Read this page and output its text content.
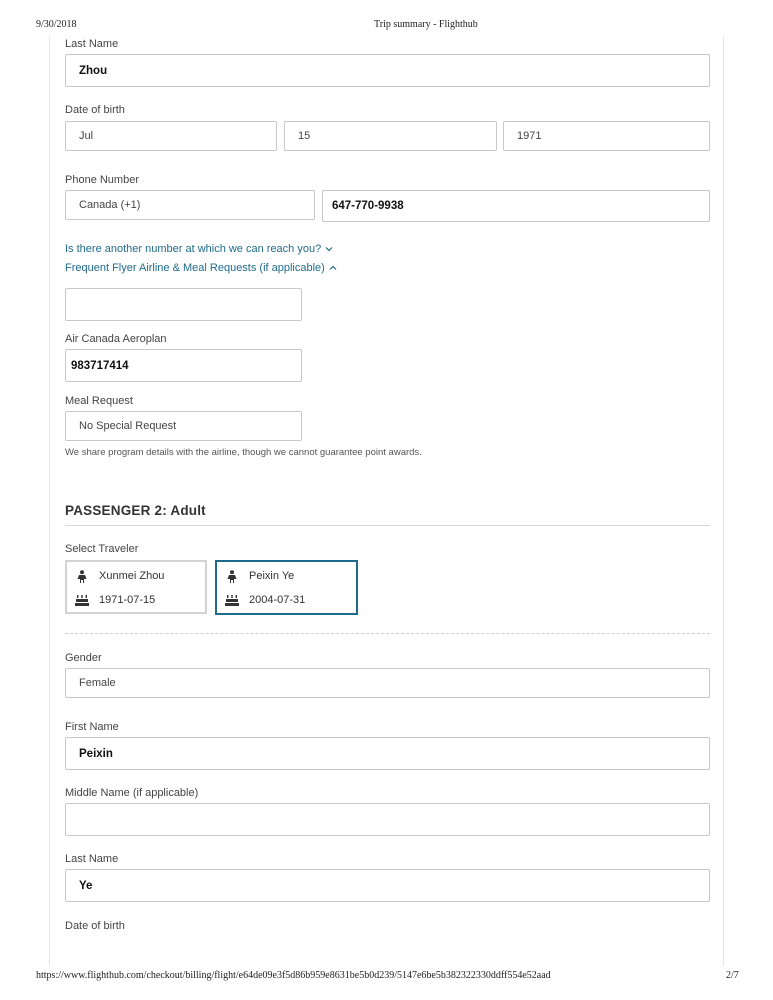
9/30/2018	Trip summary - Flighthub
Last Name
Zhou
Date of birth
Jul	15	1971
Phone Number
Canada (+1)	647-770-9938
Is there another number at which we can reach you?
Frequent Flyer Airline & Meal Requests (if applicable)
Air Canada Aeroplan
983717414
Meal Request
No Special Request
We share program details with the airline, though we cannot guarantee point awards.
PASSENGER 2: Adult
Select Traveler
Xunmei Zhou
1971-07-15
Peixin Ye
2004-07-31
Gender
Female
First Name
Peixin
Middle Name (if applicable)
Last Name
Ye
Date of birth
https://www.flighthub.com/checkout/billing/flight/e64de09e3f5d86b959e8631be5b0d239/5147e6be5b382322330ddff554e52aad	2/7
